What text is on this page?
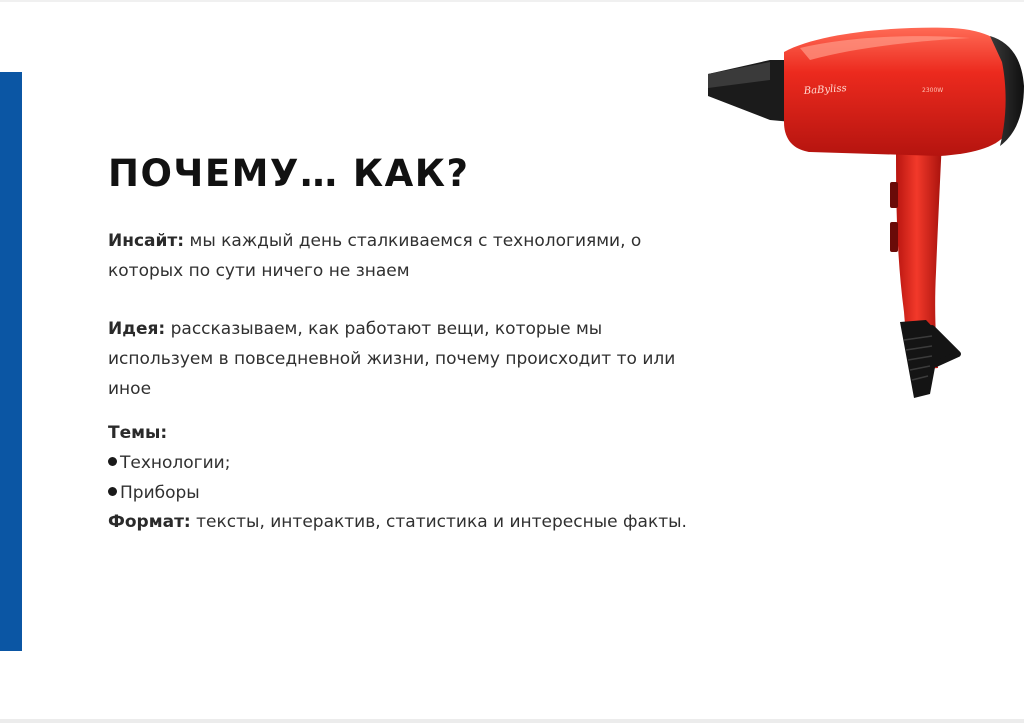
ПОЧЕМУ… КАК?
Инсайт: мы каждый день сталкиваемся с технологиями, о которых по сути ничего не знаем
Идея: рассказываем, как работают вещи, которые мы используем в повседневной жизни, почему происходит то или иное
Темы:
Технологии;
Приборы
Формат: тексты, интерактив, статистика и интересные факты.
BaByliss	2300W
